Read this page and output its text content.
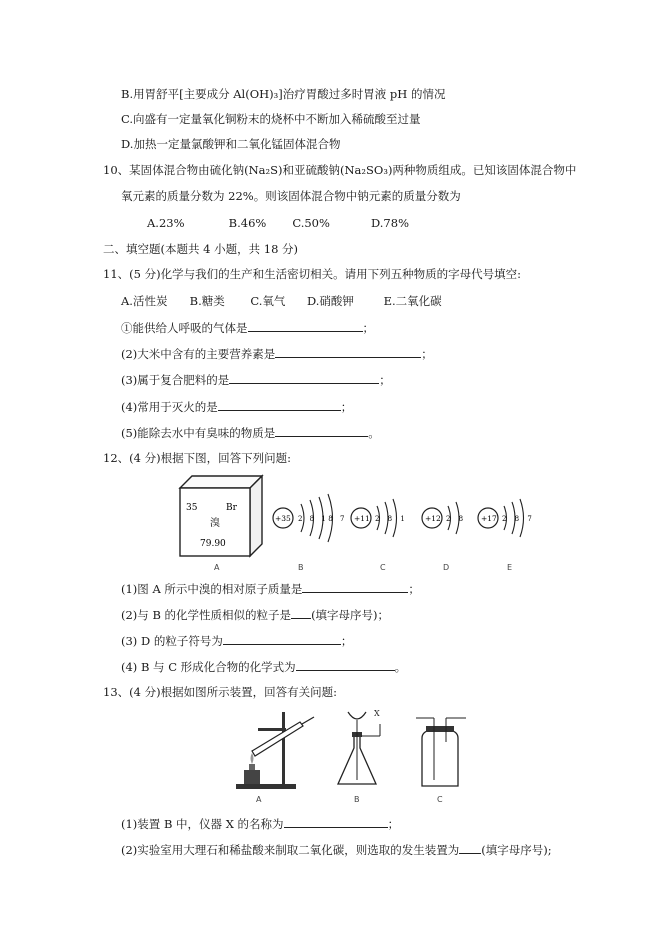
B.用胃舒平[主要成分 Al(OH)₃]治疗胃酸过多时胃液 pH 的情况
C.向盛有一定量氧化铜粉末的烧杯中不断加入稀硫酸至过量
D.加热一定量氯酸钾和二氧化锰固体混合物
10、某固体混合物由硫化钠(Na₂S)和亚硫酸钠(Na₂SO₃)两种物质组成。已知该固体混合物中
氧元素的质量分数为 22%。则该固体混合物中钠元素的质量分数为
A.23%	B.46% C.50%	D.78%
二、填空题(本题共 4 小题，共 18 分)
11、(5 分)化学与我们的生产和生活密切相关。请用下列五种物质的字母代号填空:
A.活性炭 B.糖类 C.氧气 D.硝酸钾	E.二氧化碳
①能供给人呼吸的气体是	；
(2)大米中含有的主要营养素是	；
(3)属于复合肥料的是	；
(4)常用于灭火的是	；
(5)能除去水中有臭味的物质是	。
12、(4 分)根据下图，回答下列问题:
35	Br
溴
79.90
+35 2 8 18 7 +11 2 8 1 +12 2 8 +17 2 8 7
A	B	C	D	E
(1)图 A 所示中溴的相对原子质量是	；
(2)与 B 的化学性质相似的粒子是 (填字母序号)；
(3) D 的粒子符号为	；
(4) B 与 C 形成化合物的化学式为	。
13、(4 分)根据如图所示装置，回答有关问题:
A
X
B	C
(1)装置 B 中，仪器 X 的名称为	；
(2)实验室用大理石和稀盐酸来制取二氧化碳，则选取的发生装置为 (填字母序号);
